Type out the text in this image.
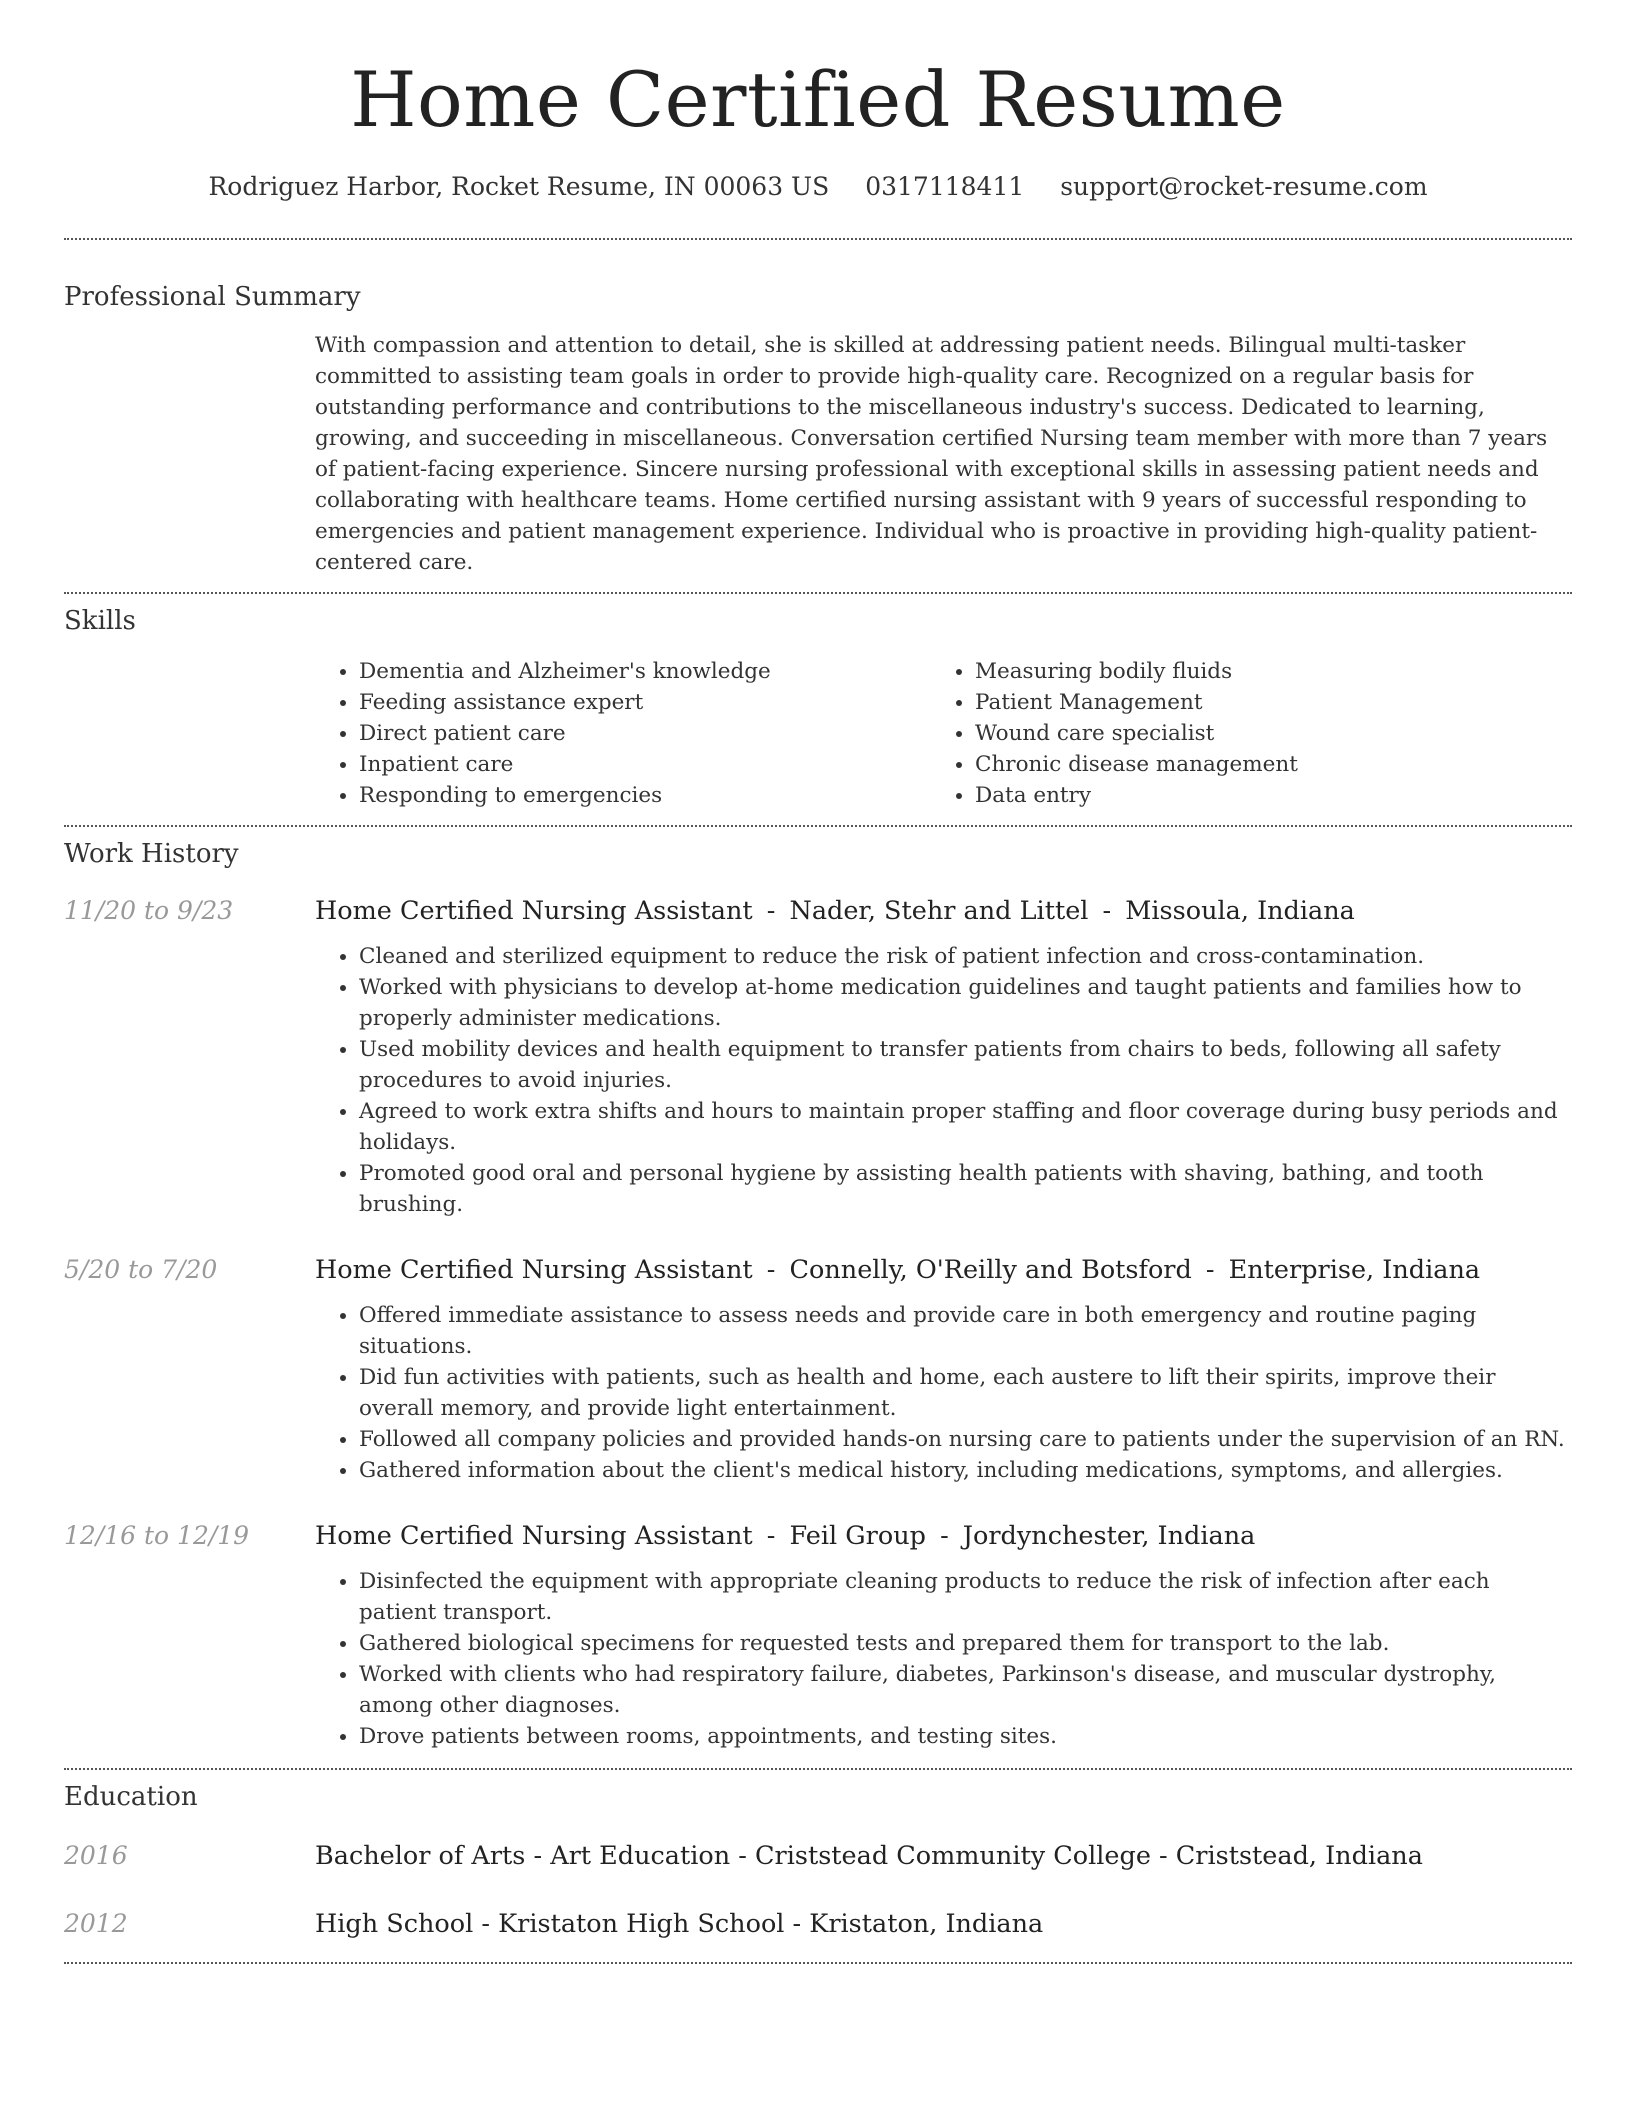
Home Certified Resume
Rodriguez Harbor, Rocket Resume, IN 00063 US 0317118411 support@rocket-resume.com
Professional Summary

With compassion and attention to detail, she is skilled at addressing patient needs. Bilingual multi-tasker committed to assisting team goals in order to provide high-quality care. Recognized on a regular basis for outstanding performance and contributions to the miscellaneous industry's success. Dedicated to learning, growing, and succeeding in miscellaneous. Conversation certified Nursing team member with more than 7 years of patient-facing experience. Sincere nursing professional with exceptional skills in assessing patient needs and collaborating with healthcare teams. Home certified nursing assistant with 9 years of successful responding to emergencies and patient management experience. Individual who is proactive in providing high-quality patient-centered care.

Skills
• Dementia and Alzheimer's knowledge
• Feeding assistance expert
• Direct patient care
• Inpatient care
• Responding to emergencies
• Measuring bodily fluids
• Patient Management
• Wound care specialist
• Chronic disease management
• Data entry
Work History
11/20 to 9/23	Home Certified Nursing Assistant - Nader, Stehr and Littel - Missoula, Indiana
• Cleaned and sterilized equipment to reduce the risk of patient infection and cross-contamination.
• Worked with physicians to develop at-home medication guidelines and taught patients and families how to properly administer medications.
• Used mobility devices and health equipment to transfer patients from chairs to beds, following all safety procedures to avoid injuries.
• Agreed to work extra shifts and hours to maintain proper staffing and floor coverage during busy periods and holidays.
• Promoted good oral and personal hygiene by assisting health patients with shaving, bathing, and tooth brushing.
5/20 to 7/20	Home Certified Nursing Assistant - Connelly, O'Reilly and Botsford - Enterprise, Indiana
• Offered immediate assistance to assess needs and provide care in both emergency and routine paging situations.
• Did fun activities with patients, such as health and home, each austere to lift their spirits, improve their overall memory, and provide light entertainment.
• Followed all company policies and provided hands-on nursing care to patients under the supervision of an RN.
• Gathered information about the client's medical history, including medications, symptoms, and allergies.
12/16 to 12/19	Home Certified Nursing Assistant - Feil Group - Jordynchester, Indiana
• Disinfected the equipment with appropriate cleaning products to reduce the risk of infection after each patient transport.
• Gathered biological specimens for requested tests and prepared them for transport to the lab.
• Worked with clients who had respiratory failure, diabetes, Parkinson's disease, and muscular dystrophy, among other diagnoses.
• Drove patients between rooms, appointments, and testing sites.
Education
2016	Bachelor of Arts - Art Education - Criststead Community College - Criststead, Indiana
2012	High School - Kristaton High School - Kristaton, Indiana
